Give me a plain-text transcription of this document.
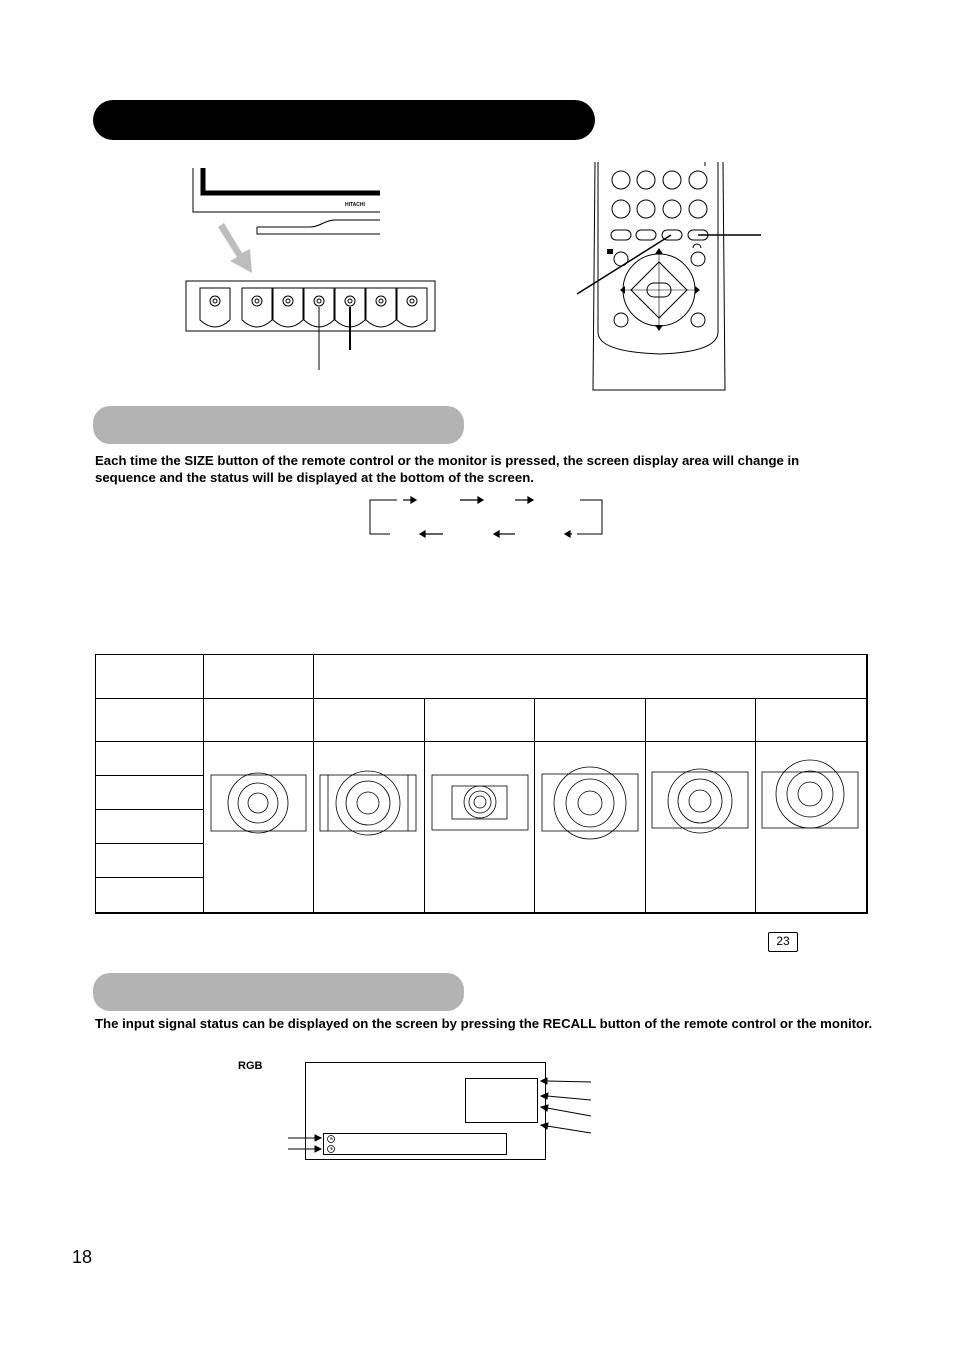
HITACHI
Each time the SIZE button of the remote control or the monitor is pressed, the screen display area will change in sequence and the status will be displayed at the bottom of the screen.
23
The input signal status can be displayed on the screen by pressing the RECALL button of the remote control or the monitor.
RGB
18
